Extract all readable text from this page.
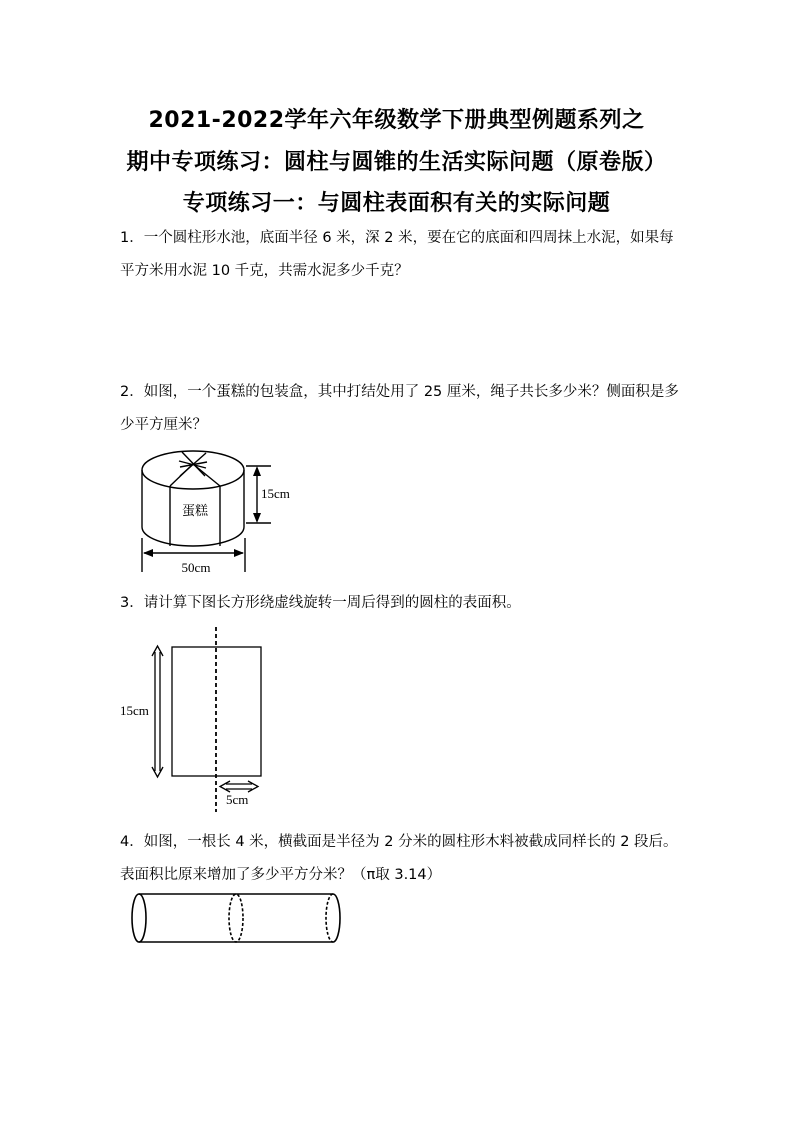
2021-2022学年六年级数学下册典型例题系列之
期中专项练习：圆柱与圆锥的生活实际问题（原卷版）
专项练习一：与圆柱表面积有关的实际问题
1．一个圆柱形水池，底面半径 6 米，深 2 米，要在它的底面和四周抹上水泥，如果每平方米用水泥 10 千克，共需水泥多少千克？
2．如图，一个蛋糕的包装盒，其中打结处用了 25 厘米，绳子共长多少米？侧面积是多少平方厘米？
蛋糕
15cm
50cm
15cm
5cm
3．请计算下图长方形绕虚线旋转一周后得到的圆柱的表面积。
4．如图，一根长 4 米，横截面是半径为 2 分米的圆柱形木料被截成同样长的 2 段后。表面积比原来增加了多少平方分米？（π取 3.14）
